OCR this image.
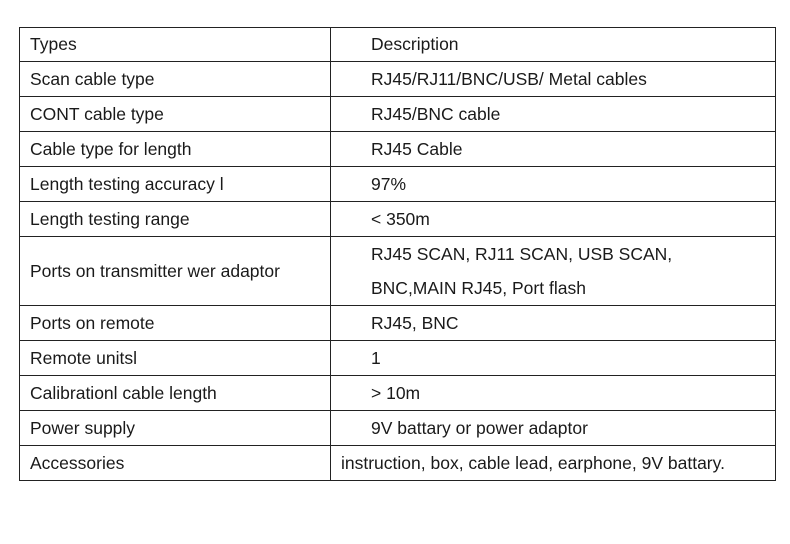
Types	Description
Scan cable type	RJ45/RJ11/BNC/USB/ Metal cables

CONT cable type	RJ45/BNC cable

Cable type for length	RJ45 Cable

Length testing accuracy l	97%

Length testing range	< 350m

Ports on transmitter wer adaptor	RJ45 SCAN, RJ11 SCAN, USB SCAN,
BNC,MAIN RJ45, Port flash

Ports on remote	RJ45, BNC

Remote unitsl	1

Calibrationl cable length	> 10m

Power supply	9V battary or power adaptor

Accessories	instruction, box, cable lead, earphone, 9V battary.
